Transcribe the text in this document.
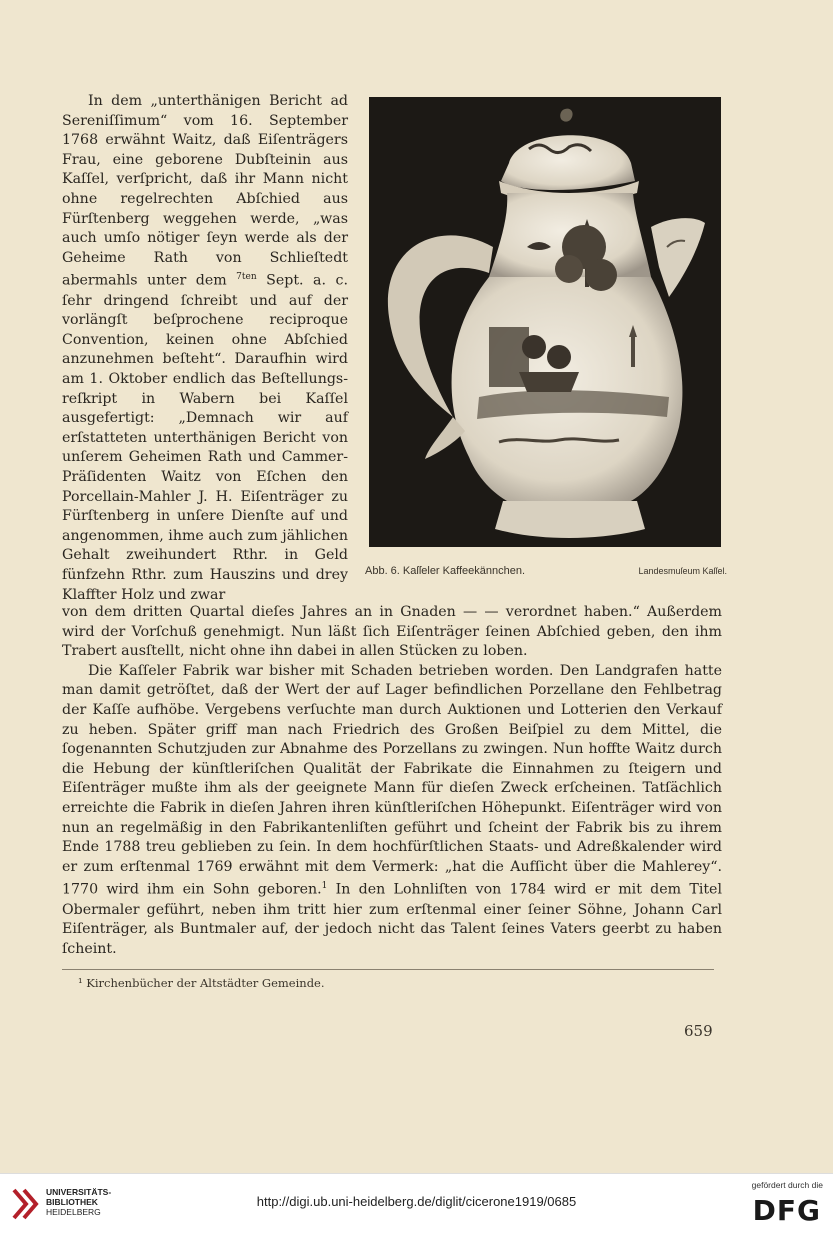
In dem „unterthänigen Bericht ad Sereniſſimum“ vom 16. September 1768 erwähnt Waitz, daß Eiſenträgers Frau, eine geborene Dubſteinin aus Kaſſel, verſpricht, daß ihr Mann nicht ohne regelrechten Abſchied aus Fürſtenberg weggehen werde, „was auch umſo nötiger ſeyn werde als der Geheime Rath von Schlieſtedt abermahls unter dem $^{7ten}$ Sept. a. c. ſehr dringend ſchreibt und auf der vorlängſt beſprochene reciproque Convention, keinen ohne Abſchied anzunehmen beſteht“. Daraufhin wird am 1. Oktober endlich das Beſtellungsreſkript in Wabern bei Kaſſel ausgefertigt: „Demnach wir auf erſstatteten unterthänigen Bericht von unſerem Geheimen Rath und Cammer-Präſidenten Waitz von Eſchen den Porcellain-Mahler J. H. Eiſenträger zu Fürſtenberg in unſere Dienſte auf und angenommen, ihme auch zum jählichen Gehalt zweihundert Rthr. in Geld fünfzehn Rthr. zum Hauszins und drey Klaffter Holz und zwar

Abb. 6. Kaſſeler Kaffeekännchen.	Landesmuſeum Kaſſel.

von dem dritten Quartal dieſes Jahres an in Gnaden — — verordnet haben.“ Außerdem wird der Vorſchuß genehmigt. Nun läßt ſich Eiſenträger ſeinen Abſchied geben, den ihm Trabert ausſtellt, nicht ohne ihn dabei in allen Stücken zu loben.

Die Kaſſeler Fabrik war bisher mit Schaden betrieben worden. Den Landgrafen hatte man damit getröſtet, daß der Wert der auf Lager befindlichen Porzellane den Fehlbetrag der Kaſſe aufhöbe. Vergebens verſuchte man durch Auktionen und Lotterien den Verkauf zu heben. Später griff man nach Friedrich des Großen Beiſpiel zu dem Mittel, die ſogenannten Schutzjuden zur Abnahme des Porzellans zu zwingen. Nun hoffte Waitz durch die Hebung der künſtleriſchen Qualität der Fabrikate die Einnahmen zu ſteigern und Eiſenträger mußte ihm als der geeignete Mann für dieſen Zweck erſcheinen. Tatſächlich erreichte die Fabrik in dieſen Jahren ihren künſtleriſchen Höhepunkt. Eiſenträger wird von nun an regelmäßig in den Fabrikantenliſten geführt und ſcheint der Fabrik bis zu ihrem Ende 1788 treu geblieben zu ſein. In dem hochfürſtlichen Staats- und Adreßkalender wird er zum erſtenmal 1769 erwähnt mit dem Vermerk: „hat die Aufſicht über die Mahlerey“. 1770 wird ihm ein Sohn geboren.$^1$ In den Lohnliſten von 1784 wird er mit dem Titel Obermaler geführt, neben ihm tritt hier zum erſtenmal einer ſeiner Söhne, Johann Carl Eiſenträger, als Buntmaler auf, der jedoch nicht das Talent ſeines Vaters geerbt zu haben ſcheint.

¹ Kirchenbücher der Altstädter Gemeinde.
659
UNIVERSITÄTS-
BIBLIOTHEK
HEIDELBERG
http://digi.ub.uni-heidelberg.de/diglit/cicerone1919/0685
gefördert durch die
DFG
